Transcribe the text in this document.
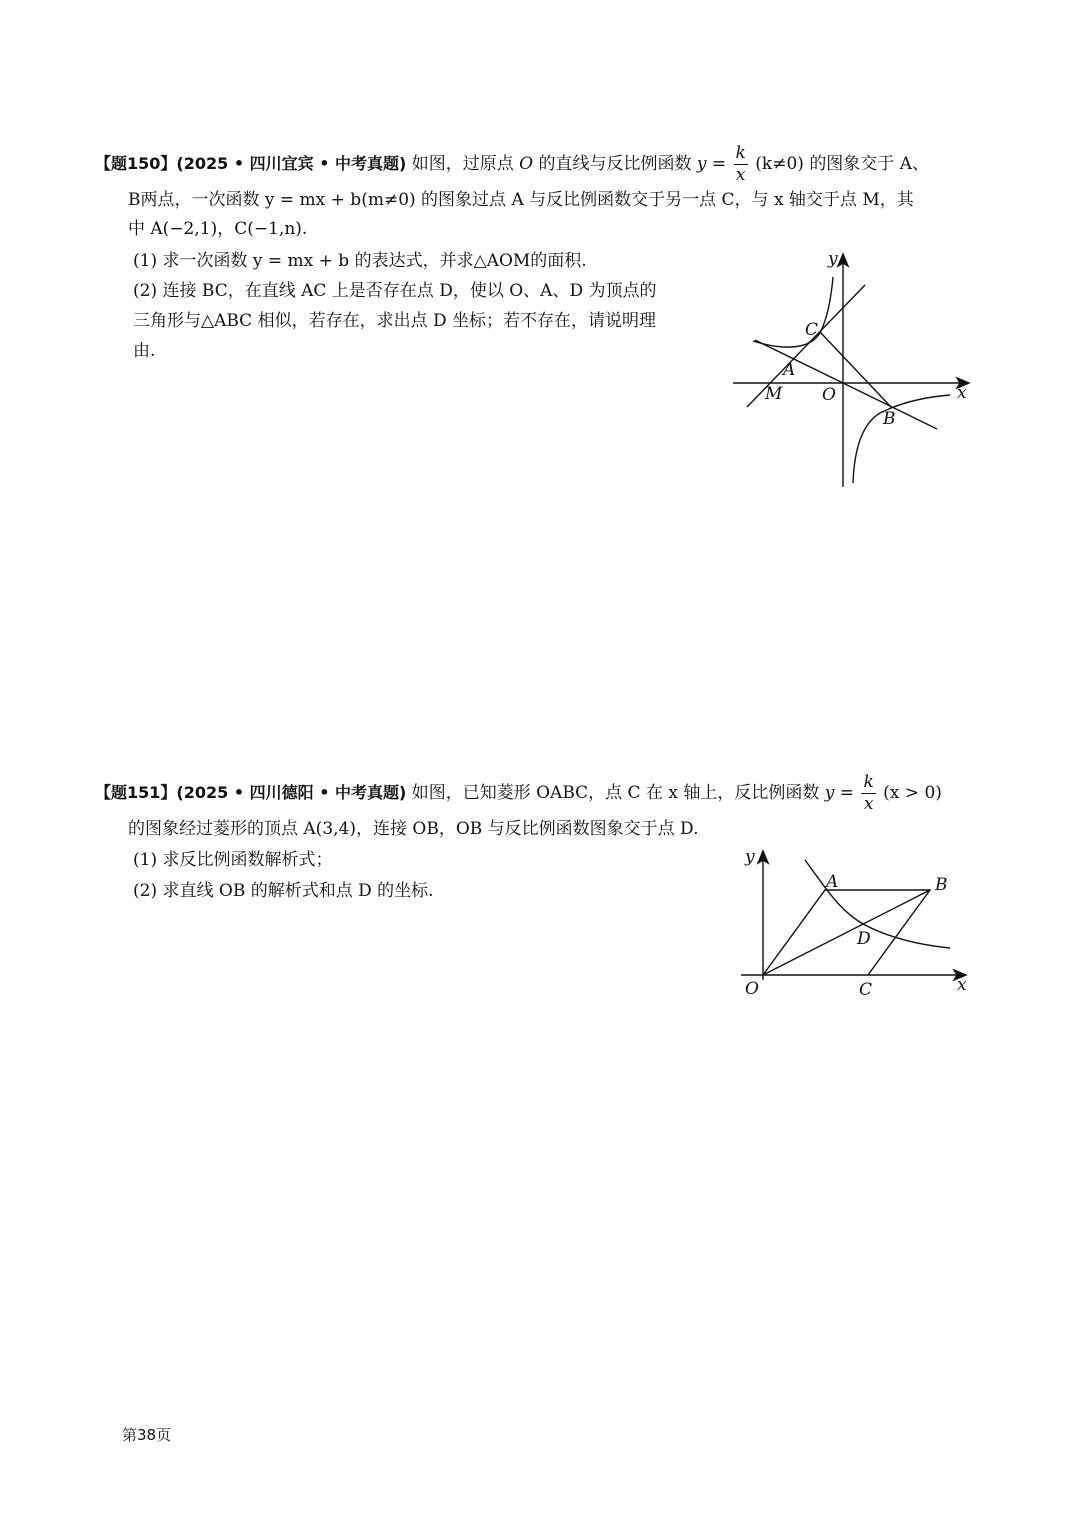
【题150】(2025 • 四川宜宾 • 中考真题) 如图，过原点 O 的直线与反比例函数 $y = \frac{k}{x} (k\ne 0)$ 的图象交于 A、
B两点，一次函数 y = mx + b(m≠0) 的图象过点 A 与反比例函数交于另一点 C，与 x 轴交于点 M，其
中 A(−2,1)，C(−1,n).
(1) 求一次函数 y = mx + b 的表达式，并求△AOM的面积.
(2) 连接 BC，在直线 AC 上是否存在点 D，使以 O、A、D 为顶点的
三角形与△ABC 相似，若存在，求出点 D 坐标；若不存在，请说明理
由.
y
x
O
A
C
M
B
【题151】(2025 • 四川德阳 • 中考真题) 如图，已知菱形 OABC，点 C 在 x 轴上，反比例函数 $y = \frac{k}{x} (x > 0)$
的图象经过菱形的顶点 A(3,4)，连接 OB，OB 与反比例函数图象交于点 D.
(1) 求反比例函数解析式；
(2) 求直线 OB 的解析式和点 D 的坐标.
y
x
O
A	B
C
D
第38页
